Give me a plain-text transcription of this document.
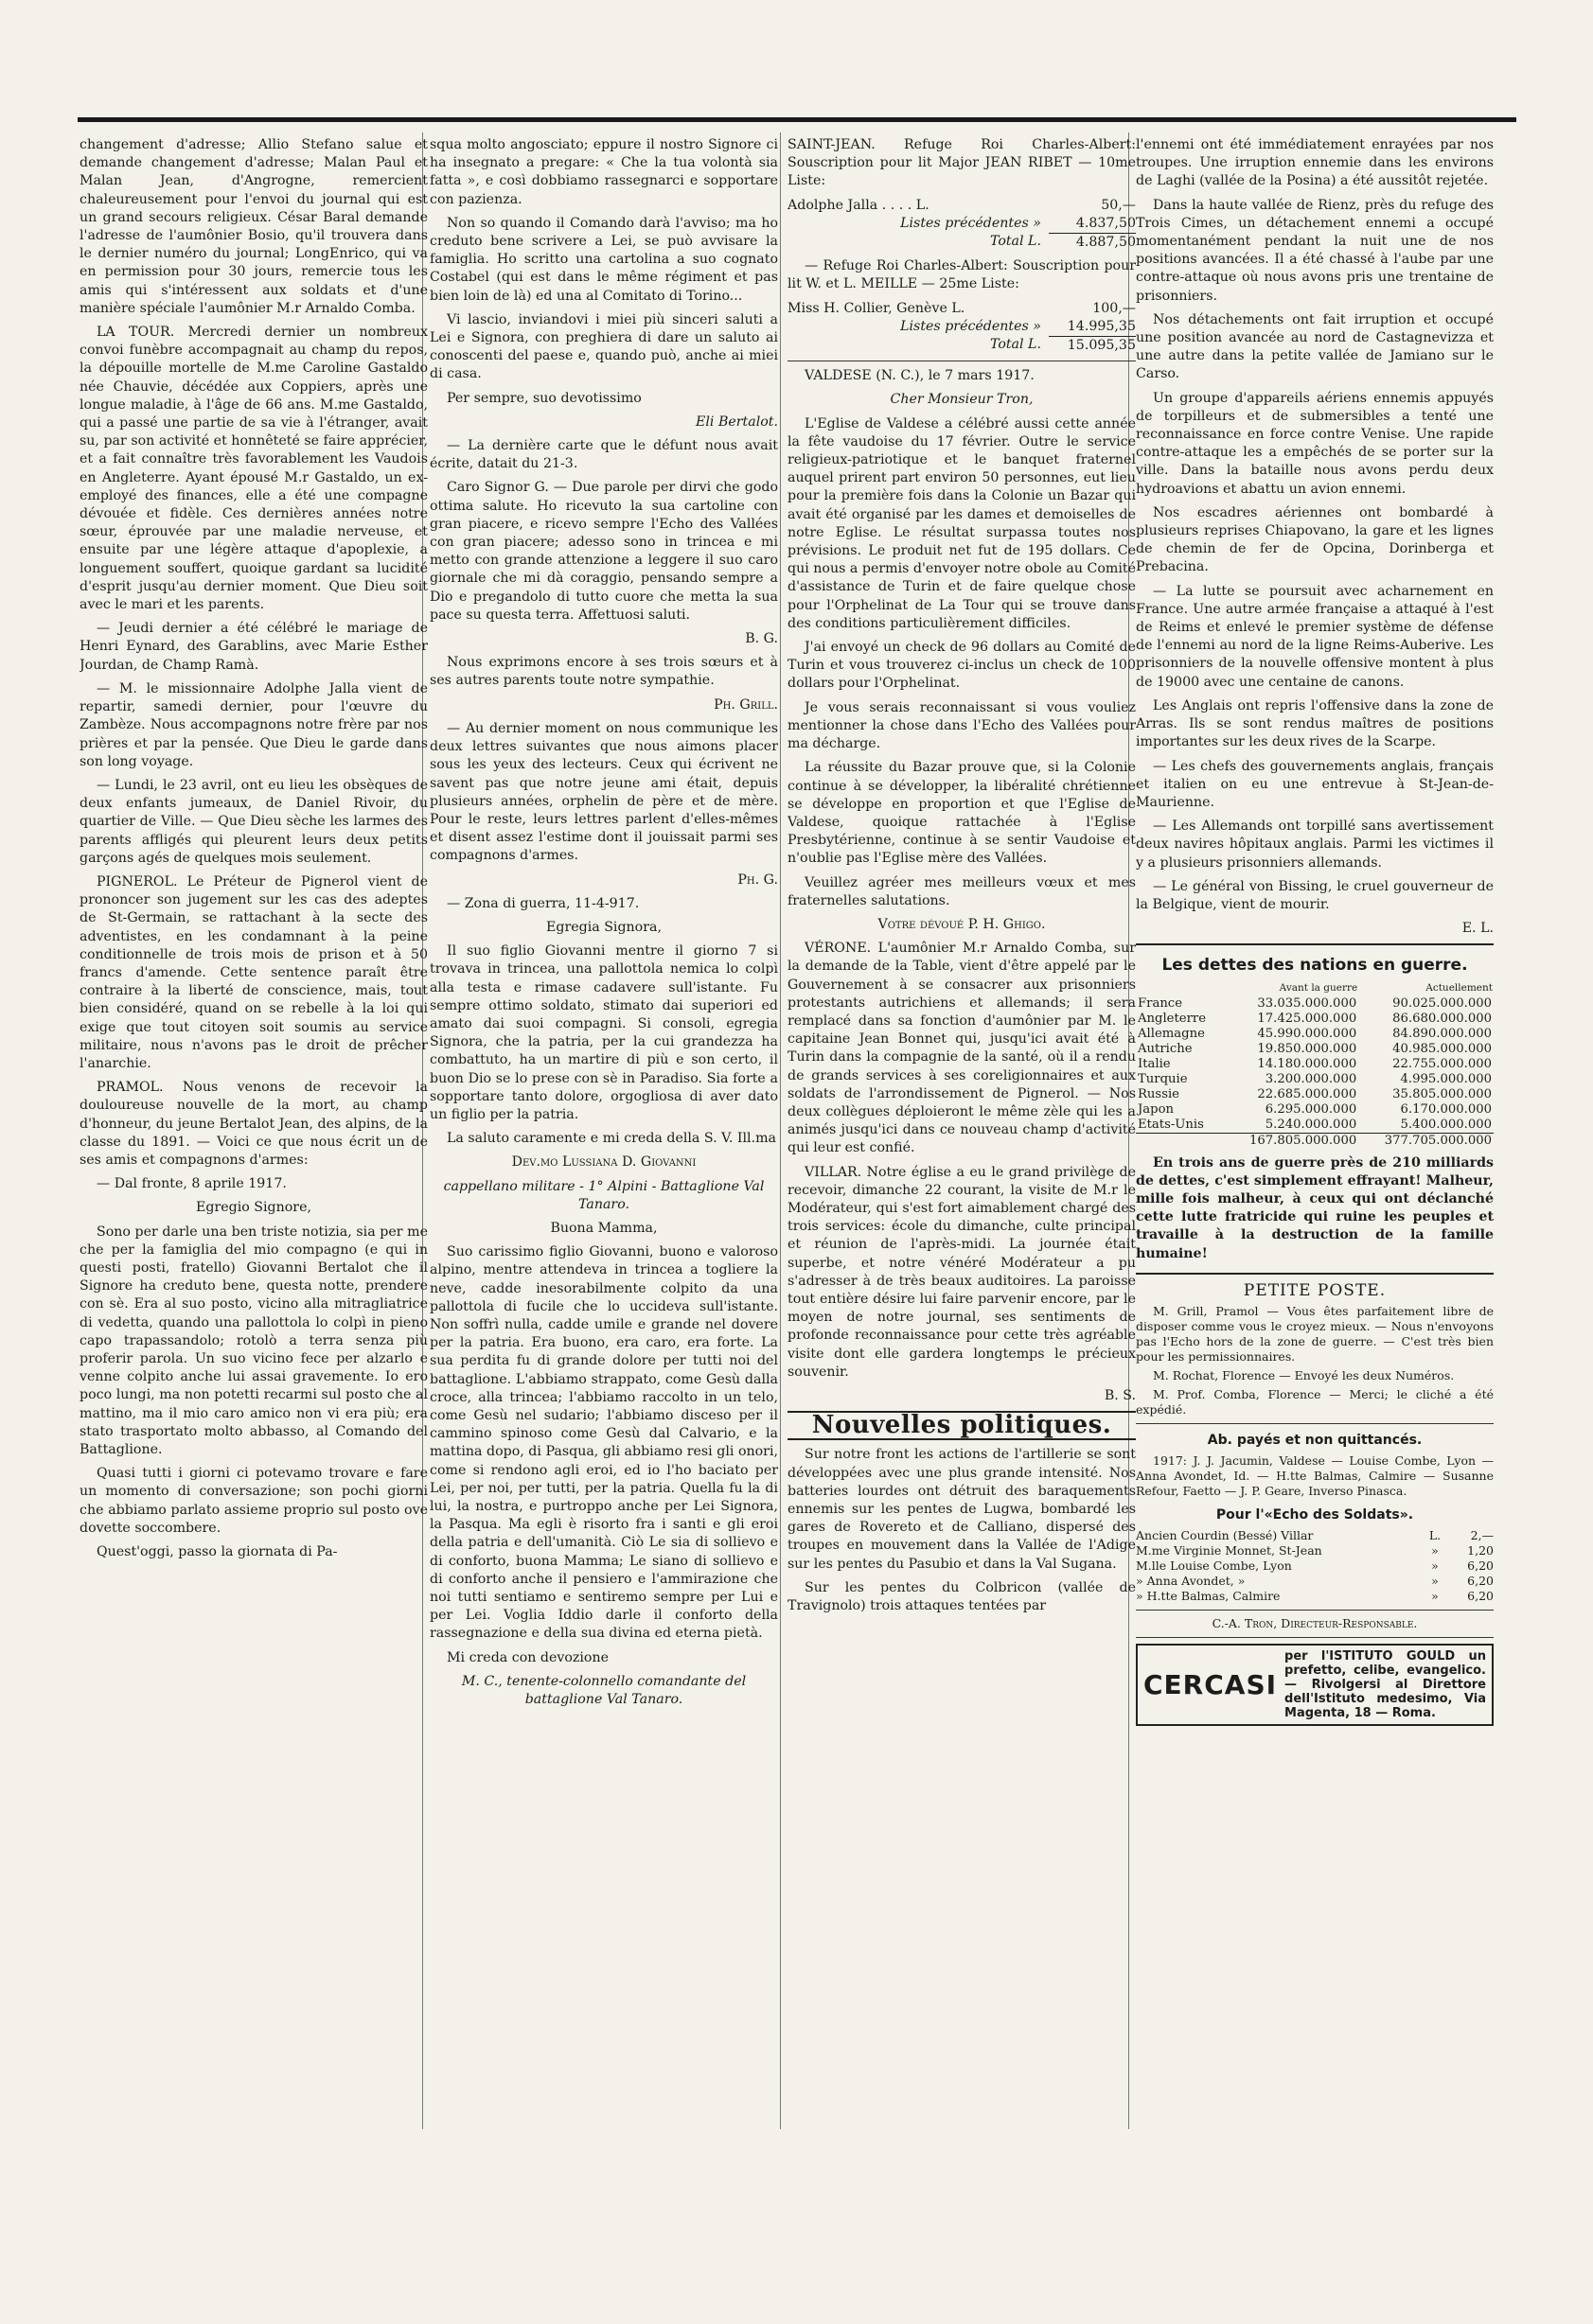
changement d'adresse; Allio Stefano salue et demande changement d'adresse; Malan Paul et Malan Jean, d'Angrogne, remercient chaleureusement pour l'envoi du journal qui est un grand secours religieux. César Baral demande l'adresse de l'aumônier Bosio, qu'il trouvera dans le dernier numéro du journal; LongEnrico, qui va en permission pour 30 jours, remercie tous les amis qui s'intéressent aux soldats et d'une manière spéciale l'aumônier M.r Arnaldo Comba.

LA TOUR. Mercredi dernier un nombreux convoi funèbre accompagnait au champ du repos, la dépouille mortelle de M.me Caroline Gastaldo née Chauvie, décédée aux Coppiers, après une longue maladie, à l'âge de 66 ans. M.me Gastaldo, qui a passé une partie de sa vie à l'étranger, avait su, par son activité et honnêteté se faire apprécier, et a fait connaître très favorablement les Vaudois en Angleterre. Ayant épousé M.r Gastaldo, un ex-employé des finances, elle a été une compagne dévouée et fidèle. Ces dernières années notre sœur, éprouvée par une maladie nerveuse, et ensuite par une légère attaque d'apoplexie, a longuement souffert, quoique gardant sa lucidité d'esprit jusqu'au dernier moment. Que Dieu soit avec le mari et les parents.

— Jeudi dernier a été célébré le mariage de Henri Eynard, des Garablins, avec Marie Esther Jourdan, de Champ Ramà.

— M. le missionnaire Adolphe Jalla vient de repartir, samedi dernier, pour l'œuvre du Zambèze. Nous accompagnons notre frère par nos prières et par la pensée. Que Dieu le garde dans son long voyage.

— Lundi, le 23 avril, ont eu lieu les obsèques de deux enfants jumeaux, de Daniel Rivoir, du quartier de Ville. — Que Dieu sèche les larmes des parents affligés qui pleurent leurs deux petits garçons agés de quelques mois seulement.

PIGNEROL. Le Préteur de Pignerol vient de prononcer son jugement sur les cas des adeptes de St-Germain, se rattachant à la secte des adventistes, en les condamnant à la peine conditionnelle de trois mois de prison et à 50 francs d'amende. Cette sentence paraît être contraire à la liberté de conscience, mais, tout bien considéré, quand on se rebelle à la loi qui exige que tout citoyen soit soumis au service militaire, nous n'avons pas le droit de prêcher l'anarchie.

PRAMOL. Nous venons de recevoir la douloureuse nouvelle de la mort, au champ d'honneur, du jeune Bertalot Jean, des alpins, de la classe du 1891. — Voici ce que nous écrit un de ses amis et compagnons d'armes:

— Dal fronte, 8 aprile 1917.

Egregio Signore,

Sono per darle una ben triste notizia, sia per me che per la famiglia del mio compagno (e qui in questi posti, fratello) Giovanni Bertalot che il Signore ha creduto bene, questa notte, prendere con sè. Era al suo posto, vicino alla mitragliatrice di vedetta, quando una pallottola lo colpì in pieno capo trapassandolo; rotolò a terra senza più proferir parola. Un suo vicino fece per alzarlo e venne colpito anche lui assai gravemente. Io ero poco lungi, ma non potetti recarmi sul posto che al mattino, ma il mio caro amico non vi era più; era stato trasportato molto abbasso, al Comando del Battaglione.

Quasi tutti i giorni ci potevamo trovare e fare un momento di conversazione; son pochi giorni che abbiamo parlato assieme proprio sul posto ove dovette soccombere.

Quest'oggi, passo la giornata di Pa-

squa molto angosciato; eppure il nostro Signore ci ha insegnato a pregare: « Che la tua volontà sia fatta », e così dobbiamo rassegnarci e sopportare con pazienza.

Non so quando il Comando darà l'avviso; ma ho creduto bene scrivere a Lei, se può avvisare la famiglia. Ho scritto una cartolina a suo cognato Costabel (qui est dans le même régiment et pas bien loin de là) ed una al Comitato di Torino...

Vi lascio, inviandovi i miei più sinceri saluti a Lei e Signora, con preghiera di dare un saluto ai conoscenti del paese e, quando può, anche ai miei di casa.

Per sempre, suo devotissimo

Eli Bertalot.

— La dernière carte que le défunt nous avait écrite, datait du 21-3.

Caro Signor G. — Due parole per dirvi che godo ottima salute. Ho ricevuto la sua cartoline con gran piacere, e ricevo sempre l'Echo des Vallées con gran piacere; adesso sono in trincea e mi metto con grande attenzione a leggere il suo caro giornale che mi dà coraggio, pensando sempre a Dio e pregandolo di tutto cuore che metta la sua pace su questa terra. Affettuosi saluti.

B. G.

Nous exprimons encore à ses trois sœurs et à ses autres parents toute notre sympathie.

Ph. Grill.

— Au dernier moment on nous communique les deux lettres suivantes que nous aimons placer sous les yeux des lecteurs. Ceux qui écrivent ne savent pas que notre jeune ami était, depuis plusieurs années, orphelin de père et de mère. Pour le reste, leurs lettres parlent d'elles-mêmes et disent assez l'estime dont il jouissait parmi ses compagnons d'armes.

Ph. G.

— Zona di guerra, 11-4-917.

Egregia Signora,

Il suo figlio Giovanni mentre il giorno 7 si trovava in trincea, una pallottola nemica lo colpì alla testa e rimase cadavere sull'istante. Fu sempre ottimo soldato, stimato dai superiori ed amato dai suoi compagni. Si consoli, egregia Signora, che la patria, per la cui grandezza ha combattuto, ha un martire di più e son certo, il buon Dio se lo prese con sè in Paradiso. Sia forte a sopportare tanto dolore, orgogliosa di aver dato un figlio per la patria.

La saluto caramente e mi creda della S. V. Ill.ma

Dev.mo Lussiana D. Giovanni

cappellano militare - 1° Alpini - Battaglione Val Tanaro.

Buona Mamma,

Suo carissimo figlio Giovanni, buono e valoroso alpino, mentre attendeva in trincea a togliere la neve, cadde inesorabilmente colpito da una pallottola di fucile che lo uccideva sull'istante. Non soffrì nulla, cadde umile e grande nel dovere per la patria. Era buono, era caro, era forte. La sua perdita fu di grande dolore per tutti noi del battaglione. L'abbiamo strappato, come Gesù dalla croce, alla trincea; l'abbiamo raccolto in un telo, come Gesù nel sudario; l'abbiamo disceso per il cammino spinoso come Gesù dal Calvario, e la mattina dopo, di Pasqua, gli abbiamo resi gli onori, come si rendono agli eroi, ed io l'ho baciato per Lei, per noi, per tutti, per la patria. Quella fu la di lui, la nostra, e purtroppo anche per Lei Signora, la Pasqua. Ma egli è risorto fra i santi e gli eroi della patria e dell'umanità. Ciò Le sia di sollievo e di conforto, buona Mamma; Le siano di sollievo e di conforto anche il pensiero e l'ammirazione che noi tutti sentiamo e sentiremo sempre per Lui e per Lei. Voglia Iddio darle il conforto della rassegnazione e della sua divina ed eterna pietà.

Mi creda con devozione

M. C., tenente-colonnello comandante del battaglione Val Tanaro.

SAINT-JEAN. Refuge Roi Charles-Albert: Souscription pour lit Major JEAN RIBET — 10me Liste:

Adolphe Jalla . . . . L.	50,—
Listes précédentes »	4.837,50
Total L.	4.887,50

— Refuge Roi Charles-Albert: Souscription pour lit W. et L. MEILLE — 25me Liste:

Miss H. Collier, Genève L.	100,—
Listes précédentes »	14.995,35
Total L.	15.095,35

VALDESE (N. C.), le 7 mars 1917.

Cher Monsieur Tron,

L'Eglise de Valdese a célébré aussi cette année la fête vaudoise du 17 février. Outre le service religieux-patriotique et le banquet fraternel auquel prirent part environ 50 personnes, eut lieu pour la première fois dans la Colonie un Bazar qui avait été organisé par les dames et demoiselles de notre Eglise. Le résultat surpassa toutes nos prévisions. Le produit net fut de 195 dollars. Ce qui nous a permis d'envoyer notre obole au Comité d'assistance de Turin et de faire quelque chose pour l'Orphelinat de La Tour qui se trouve dans des conditions particulièrement difficiles.

J'ai envoyé un check de 96 dollars au Comité de Turin et vous trouverez ci-inclus un check de 100 dollars pour l'Orphelinat.

Je vous serais reconnaissant si vous vouliez mentionner la chose dans l'Echo des Vallées pour ma décharge.

La réussite du Bazar prouve que, si la Colonie continue à se développer, la libéralité chrétienne se développe en proportion et que l'Eglise de Valdese, quoique rattachée à l'Eglise Presbytérienne, continue à se sentir Vaudoise et n'oublie pas l'Eglise mère des Vallées.

Veuillez agréer mes meilleurs vœux et mes fraternelles salutations.

Votre dévoué P. H. Ghigo.

VÉRONE. L'aumônier M.r Arnaldo Comba, sur la demande de la Table, vient d'être appelé par le Gouvernement à se consacrer aux prisonniers protestants autrichiens et allemands; il sera remplacé dans sa fonction d'aumônier par M. le capitaine Jean Bonnet qui, jusqu'ici avait été à Turin dans la compagnie de la santé, où il a rendu de grands services à ses coreligionnaires et aux soldats de l'arrondissement de Pignerol. — Nos deux collègues déploieront le même zèle qui les a animés jusqu'ici dans ce nouveau champ d'activité qui leur est confié.

VILLAR. Notre église a eu le grand privilège de recevoir, dimanche 22 courant, la visite de M.r le Modérateur, qui s'est fort aimablement chargé des trois services: école du dimanche, culte principal et réunion de l'après-midi. La journée était superbe, et notre vénéré Modérateur a pu s'adresser à de très beaux auditoires. La paroisse tout entière désire lui faire parvenir encore, par le moyen de notre journal, ses sentiments de profonde reconnaissance pour cette très agréable visite dont elle gardera longtemps le précieux souvenir.

B. S.

Nouvelles politiques.

Sur notre front les actions de l'artillerie se sont développées avec une plus grande intensité. Nos batteries lourdes ont détruit des baraquements ennemis sur les pentes de Lugwa, bombardé les gares de Rovereto et de Calliano, dispersé des troupes en mouvement dans la Vallée de l'Adige sur les pentes du Pasubio et dans la Val Sugana.

Sur les pentes du Colbricon (vallée de Travignolo) trois attaques tentées par

l'ennemi ont été immédiatement enrayées par nos troupes. Une irruption ennemie dans les environs de Laghi (vallée de la Posina) a été aussitôt rejetée.

Dans la haute vallée de Rienz, près du refuge des Trois Cimes, un détachement ennemi a occupé momentanément pendant la nuit une de nos positions avancées. Il a été chassé à l'aube par une contre-attaque où nous avons pris une trentaine de prisonniers.

Nos détachements ont fait irruption et occupé une position avancée au nord de Castagnevizza et une autre dans la petite vallée de Jamiano sur le Carso.

Un groupe d'appareils aériens ennemis appuyés de torpilleurs et de submersibles a tenté une reconnaissance en force contre Venise. Une rapide contre-attaque les a empêchés de se porter sur la ville. Dans la bataille nous avons perdu deux hydroavions et abattu un avion ennemi.

Nos escadres aériennes ont bombardé à plusieurs reprises Chiapovano, la gare et les lignes de chemin de fer de Opcina, Dorinberga et Prebacina.

— La lutte se poursuit avec acharnement en France. Une autre armée française a attaqué à l'est de Reims et enlevé le premier système de défense de l'ennemi au nord de la ligne Reims-Auberive. Les prisonniers de la nouvelle offensive montent à plus de 19000 avec une centaine de canons.

Les Anglais ont repris l'offensive dans la zone de Arras. Ils se sont rendus maîtres de positions importantes sur les deux rives de la Scarpe.

— Les chefs des gouvernements anglais, français et italien on eu une entrevue à St-Jean-de-Maurienne.

— Les Allemands ont torpillé sans avertissement deux navires hôpitaux anglais. Parmi les victimes il y a plusieurs prisonniers allemands.

— Le général von Bissing, le cruel gouverneur de la Belgique, vient de mourir.

E. L.

Les dettes des nations en guerre.
	Avant la guerre	Actuellement
France	33.035.000.000	90.025.000.000
Angleterre	17.425.000.000	86.680.000.000
Allemagne	45.990.000.000	84.890.000.000
Autriche	19.850.000.000	40.985.000.000
Italie	14.180.000.000	22.755.000.000
Turquie	3.200.000.000	4.995.000.000
Russie	22.685.000.000	35.805.000.000
Japon	6.295.000.000	6.170.000.000
Etats-Unis	5.240.000.000	5.400.000.000
	167.805.000.000	377.705.000.000

En trois ans de guerre près de 210 milliards de dettes, c'est simplement effrayant! Malheur, mille fois malheur, à ceux qui ont déclanché cette lutte fratricide qui ruine les peuples et travaille à la destruction de la famille humaine!

PETITE POSTE.

M. Grill, Pramol — Vous êtes parfaitement libre de disposer comme vous le croyez mieux. — Nous n'envoyons pas l'Echo hors de la zone de guerre. — C'est très bien pour les permissionnaires.

M. Rochat, Florence — Envoyé les deux Numéros.

M. Prof. Comba, Florence — Merci; le cliché a été expédié.

Ab. payés et non quittancés.

1917: J. J. Jacumin, Valdese — Louise Combe, Lyon — Anna Avondet, Id. — H.tte Balmas, Calmire — Susanne Refour, Faetto — J. P. Geare, Inverso Pinasca.

Pour l'«Echo des Soldats».
Ancien Courdin (Bessé) Villar	L.	2,—
M.me Virginie Monnet, St-Jean	»	1,20
M.lle Louise Combe, Lyon	»	6,20
» Anna Avondet, »	»	6,20
» H.tte Balmas, Calmire	»	6,20

C.-A. Tron, Directeur-Responsable.

CERCASI
per l'ISTITUTO GOULD un prefetto, celibe, evangelico. — Rivolgersi al Direttore dell'Istituto medesimo, Via Magenta, 18 — Roma.
